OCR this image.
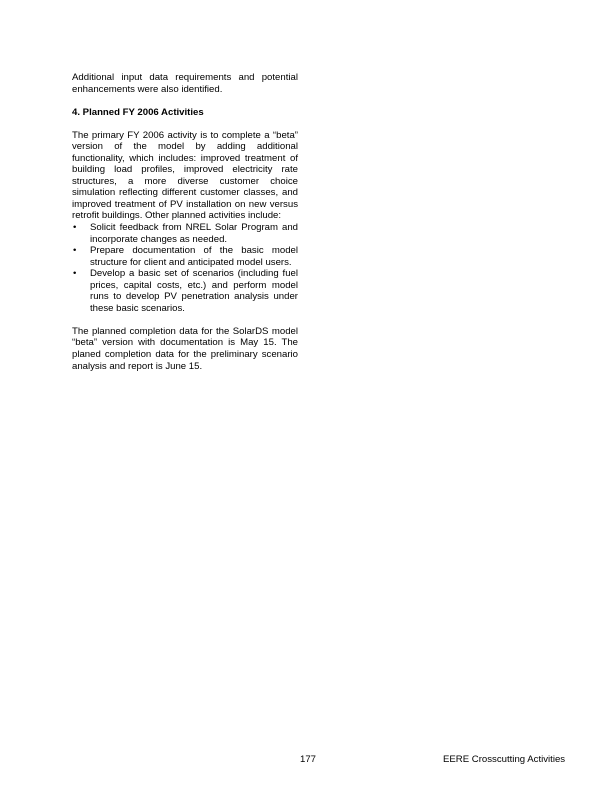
Additional input data requirements and potential enhancements were also identified.

4. Planned FY 2006 Activities

The primary FY 2006 activity is to complete a “beta” version of the model by adding additional functionality, which includes: improved treatment of building load profiles, improved electricity rate structures, a more diverse customer choice simulation reflecting different customer classes, and improved treatment of PV installation on new versus retrofit buildings. Other planned activities include:

• Solicit feedback from NREL Solar Program and incorporate changes as needed.
• Prepare documentation of the basic model structure for client and anticipated model users.
• Develop a basic set of scenarios (including fuel prices, capital costs, etc.) and perform model runs to develop PV penetration analysis under these basic scenarios.

The planned completion data for the SolarDS model “beta” version with documentation is May 15. The planed completion data for the preliminary scenario analysis and report is June 15.

177	EERE Crosscutting Activities
